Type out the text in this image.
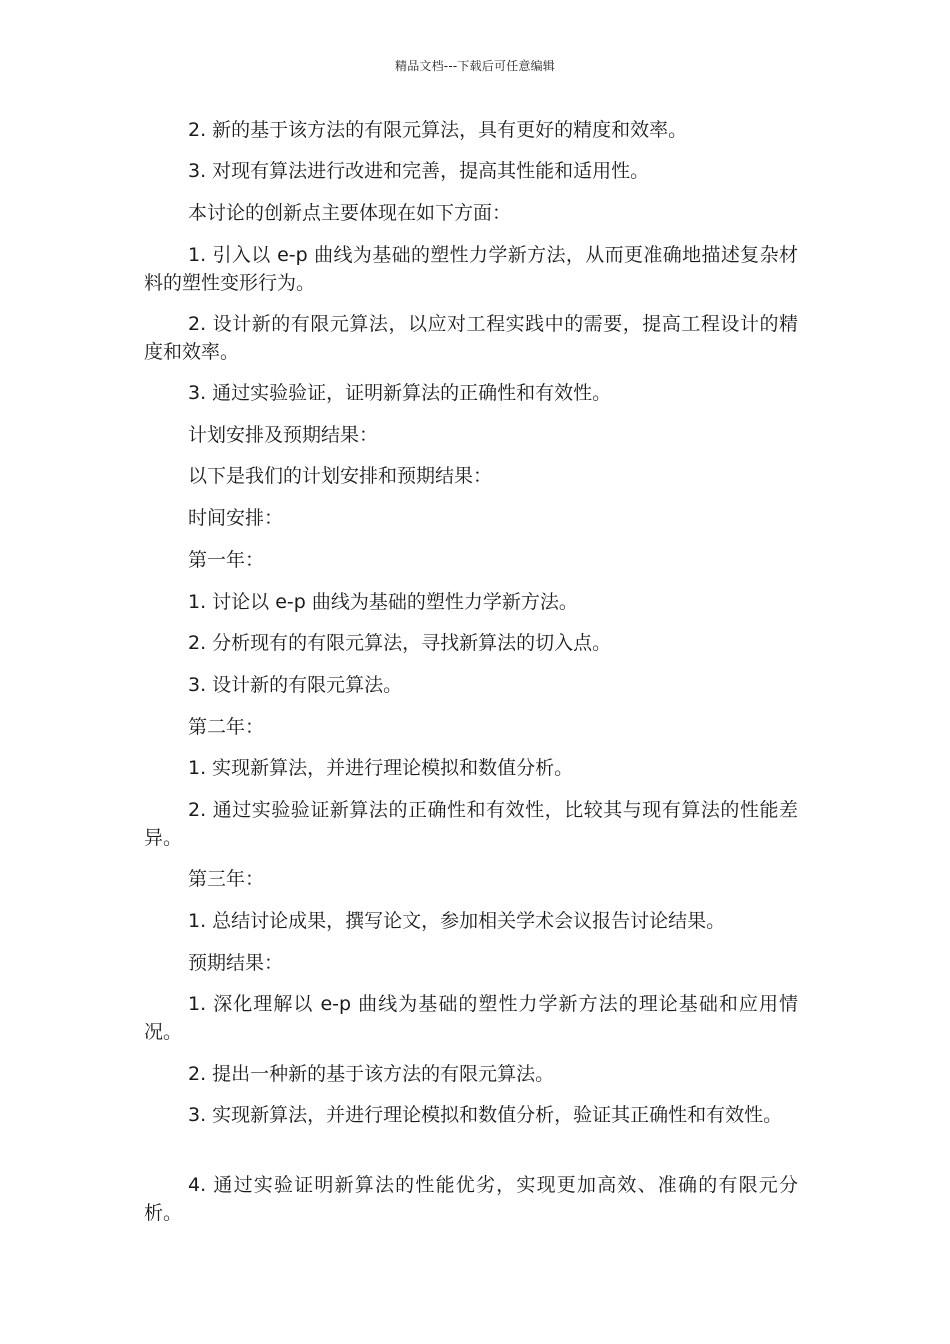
精品文档---下载后可任意编辑

2. 新的基于该方法的有限元算法，具有更好的精度和效率。

3. 对现有算法进行改进和完善，提高其性能和适用性。

本讨论的创新点主要体现在如下方面：

1. 引入以 e-p 曲线为基础的塑性力学新方法，从而更准确地描述复杂材料的塑性变形行为。

2. 设计新的有限元算法，以应对工程实践中的需要，提高工程设计的精度和效率。

3. 通过实验验证，证明新算法的正确性和有效性。

计划安排及预期结果：

以下是我们的计划安排和预期结果：

时间安排：

第一年：

1. 讨论以 e-p 曲线为基础的塑性力学新方法。

2. 分析现有的有限元算法，寻找新算法的切入点。

3. 设计新的有限元算法。

第二年：

1. 实现新算法，并进行理论模拟和数值分析。

2. 通过实验验证新算法的正确性和有效性，比较其与现有算法的性能差异。

第三年：

1. 总结讨论成果，撰写论文，参加相关学术会议报告讨论结果。

预期结果：

1. 深化理解以 e-p 曲线为基础的塑性力学新方法的理论基础和应用情况。

2. 提出一种新的基于该方法的有限元算法。

3. 实现新算法，并进行理论模拟和数值分析，验证其正确性和有效性。

4. 通过实验证明新算法的性能优劣，实现更加高效、准确的有限元分析。
